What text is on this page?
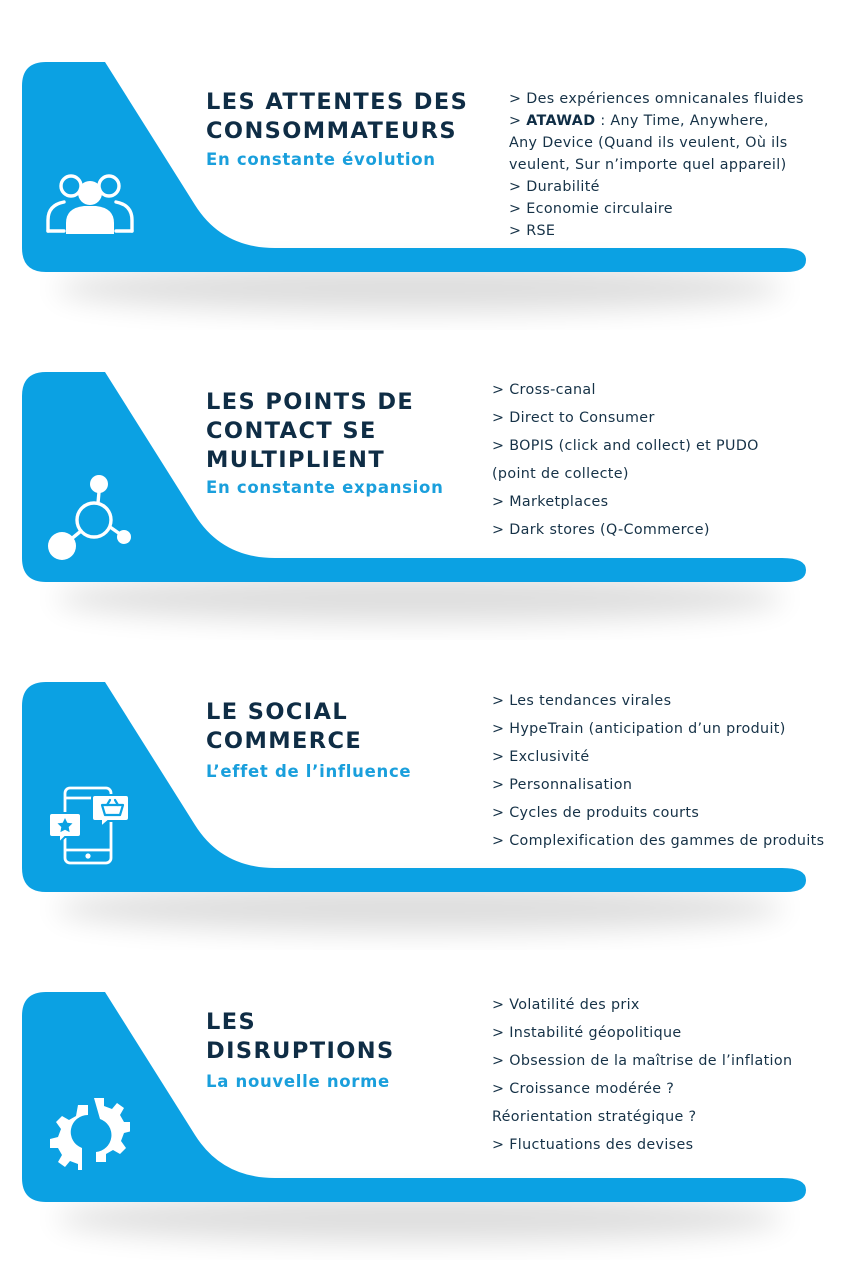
LES ATTENTES DES
CONSOMMATEURS
En constante évolution
> Des expériences omnicanales fluides
> ATAWAD : Any Time, Anywhere,
Any Device (Quand ils veulent, Où ils
veulent, Sur n’importe quel appareil)
> Durabilité
> Economie circulaire
> RSE
LES POINTS DE
CONTACT SE
MULTIPLIENT
En constante expansion
> Cross-canal
> Direct to Consumer
> BOPIS (click and collect) et PUDO
(point de collecte)
> Marketplaces
> Dark stores (Q-Commerce)
LE SOCIAL
COMMERCE
L’effet de l’influence
> Les tendances virales
> HypeTrain (anticipation d’un produit)
> Exclusivité
> Personnalisation
> Cycles de produits courts
> Complexification des gammes de produits
LES
DISRUPTIONS
La nouvelle norme
> Volatilité des prix
> Instabilité géopolitique
> Obsession de la maîtrise de l’inflation
> Croissance modérée ?
Réorientation stratégique ?
> Fluctuations des devises
